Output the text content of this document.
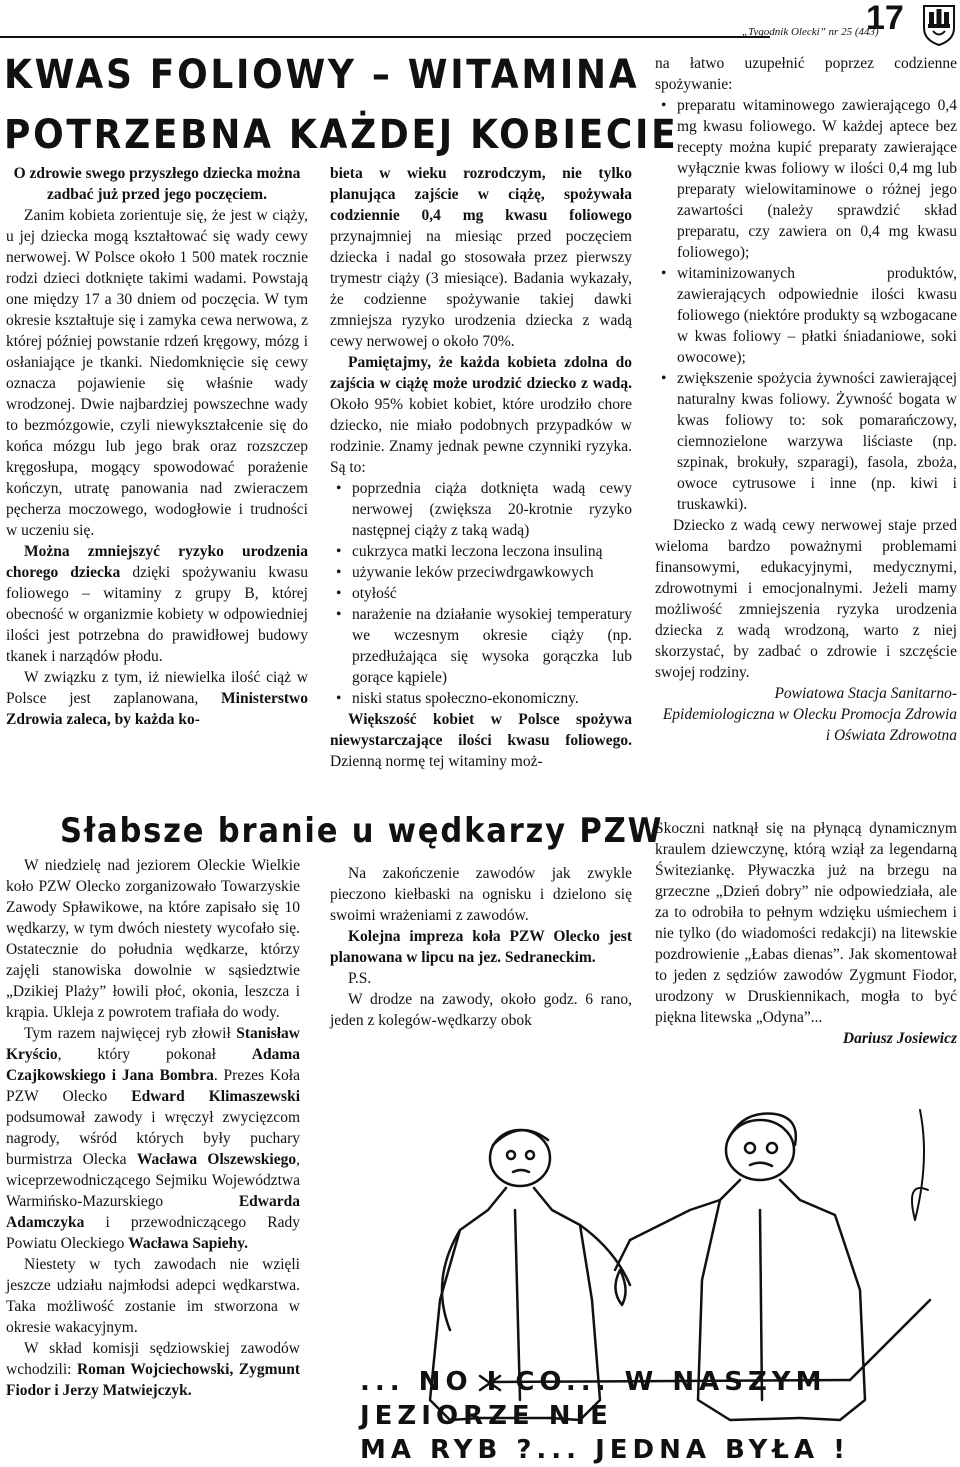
„Tygodnik Olecki” nr 25 (443)
17
KWAS FOLIOWY – WITAMINA
POTRZEBNA KAŻDEJ KOBIECIE

O zdrowie swego przyszłego dziecka można zadbać już przed jego poczęciem.

Zanim kobieta zorientuje się, że jest w ciąży, u jej dziecka mogą kształtować się wady cewy nerwowej. W Polsce około 1 500 matek rocznie rodzi dzieci dotknięte takimi wadami. Powstają one między 17 a 30 dniem od poczęcia. W tym okresie kształtuje się i zamyka cewa nerwowa, z której później powstanie rdzeń kręgowy, mózg i osłaniające je tkanki. Niedomknięcie się cewy oznacza pojawienie się właśnie wady wrodzonej. Dwie najbardziej powszechne wady to bezmózgowie, czyli niewykształcenie się do końca mózgu lub jego brak oraz rozszczep kręgosłupa, mogący spowodować porażenie kończyn, utratę panowania nad zwieraczem pęcherza moczowego, wodogłowie i trudności w uczeniu się.

Można zmniejszyć ryzyko urodzenia chorego dziecka dzięki spożywaniu kwasu foliowego – witaminy z grupy B, której obecność w organizmie kobiety w odpowiedniej ilości jest potrzebna do prawidłowej budowy tkanek i narządów płodu.

W związku z tym, iż niewielka ilość ciąż w Polsce jest zaplanowana, Ministerstwo Zdrowia zaleca, by każda ko-

bieta w wieku rozrodczym, nie tylko planująca zajście w ciążę, spożywała codziennie 0,4 mg kwasu foliowego przynajmniej na miesiąc przed poczęciem dziecka i nadal go stosowała przez pierwszy trymestr ciąży (3 miesiące). Badania wykazały, że codzienne spożywanie takiej dawki zmniejsza ryzyko urodzenia dziecka z wadą cewy nerwowej o około 70%.

Pamiętajmy, że każda kobieta zdolna do zajścia w ciążę może urodzić dziecko z wadą. Około 95% kobiet kobiet, które urodziło chore dziecko, nie miało podobnych przypadków w rodzinie. Znamy jednak pewne czynniki ryzyka. Są to:

• poprzednia ciąża dotknięta wadą cewy nerwowej (zwiększa 20-krotnie ryzyko następnej ciąży z taką wadą)
• cukrzyca matki leczona leczona insuliną
• używanie leków przeciwdrgawkowych
• otyłość
• narażenie na działanie wysokiej temperatury we wczesnym okresie ciąży (np. przedłużająca się wysoka gorączka lub gorące kąpiele)
• niski status społeczno-ekonomiczny.

Większość kobiet w Polsce spożywa niewystarczające ilości kwasu foliowego. Dzienną normę tej witaminy moż-

na łatwo uzupełnić poprzez codzienne spożywanie:

• preparatu witaminowego zawierającego 0,4 mg kwasu foliowego. W każdej aptece bez recepty można kupić preparaty zawierające wyłącznie kwas foliowy w ilości 0,4 mg lub preparaty wielowitaminowe o różnej jego zawartości (należy sprawdzić skład preparatu, czy zawiera on 0,4 mg kwasu foliowego);
• witaminizowanych produktów, zawierających odpowiednie ilości kwasu foliowego (niektóre produkty są wzbogacane w kwas foliowy – płatki śniadaniowe, soki owocowe);
• zwiększenie spożycia żywności zawierającej naturalny kwas foliowy. Żywność bogata w kwas foliowy to: sok pomarańczowy, ciemnozielone warzywa liściaste (np. szpinak, brokuły, szparagi), fasola, zboża, owoce cytrusowe i inne (np. kiwi i truskawki).

Dziecko z wadą cewy nerwowej staje przed wieloma bardzo poważnymi problemami finansowymi, edukacyjnymi, medycznymi, zdrowotnymi i emocjonalnymi. Jeżeli mamy możliwość zmniejszenia ryzyka urodzenia dziecka z wadą wrodzoną, warto z niej skorzystać, by zadbać o zdrowie i szczęście swojej rodziny.

Powiatowa Stacja Sanitarno-Epidemiologiczna w Olecku Promocja Zdrowia

i Oświata Zdrowotna

Słabsze branie u wędkarzy PZW

W niedzielę nad jeziorem Oleckie Wielkie koło PZW Olecko zorganizowało Towarzyskie Zawody Spławikowe, na które zapisało się 10 wędkarzy, w tym dwóch niestety wycofało się. Ostatecznie do południa wędkarze, którzy zajęli stanowiska dowolnie w sąsiedztwie „Dzikiej Plaży” łowili płoć, okonia, leszcza i krąpia. Ukleja z powrotem trafiała do wody.

Tym razem najwięcej ryb złowił Stanisław Kryścio, który pokonał Adama Czajkowskiego i Jana Bombra. Prezes Koła PZW Olecko Edward Klimaszewski podsumował zawody i wręczył zwycięzcom nagrody, wśród których były puchary burmistrza Olecka Wacława Olszewskiego, wiceprzewodniczącego Sejmiku Województwa Warmińsko-Mazurskiego Edwarda Adamczyka i przewodniczącego Rady Powiatu Oleckiego Wacława Sapiehy.

Niestety w tych zawodach nie wzięli jeszcze udziału najmłodsi adepci wędkarstwa. Taka możliwość zostanie im stworzona w okresie wakacyjnym.

W skład komisji sędziowskiej zawodów wchodzili: Roman Wojciechowski, Zygmunt Fiodor i Jerzy Matwiejczyk.

Na zakończenie zawodów jak zwykle pieczono kiełbaski na ognisku i dzielono się swoimi wrażeniami z zawodów.

Kolejna impreza koła PZW Olecko jest planowana w lipcu na jez. Sedraneckim.

P.S.

W drodze na zawody, około godz. 6 rano, jeden z kolegów-wędkarzy obok

Skoczni natknął się na płynącą dynamicznym kraulem dziewczynę, którą wziął za legendarną Świteziankę. Pływaczka już na brzegu na grzeczne „Dzień dobry” nie odpowiedziała, ale za to odrobiła to pełnym wdzięku uśmiechem i nie tylko (do wiadomości redakcji) na litewskie pozdrowienie „Łabas dienas”. Jak skomentował to jeden z sędziów zawodów Zygmunt Fiodor, urodzony w Druskiennikach, mogła to być piękna litewska „Odyna”...

Dariusz Josiewicz

... NO I CO... W NASZYM JEZIORZE NIE
MA RYB ?... JEDNA BYŁA !
